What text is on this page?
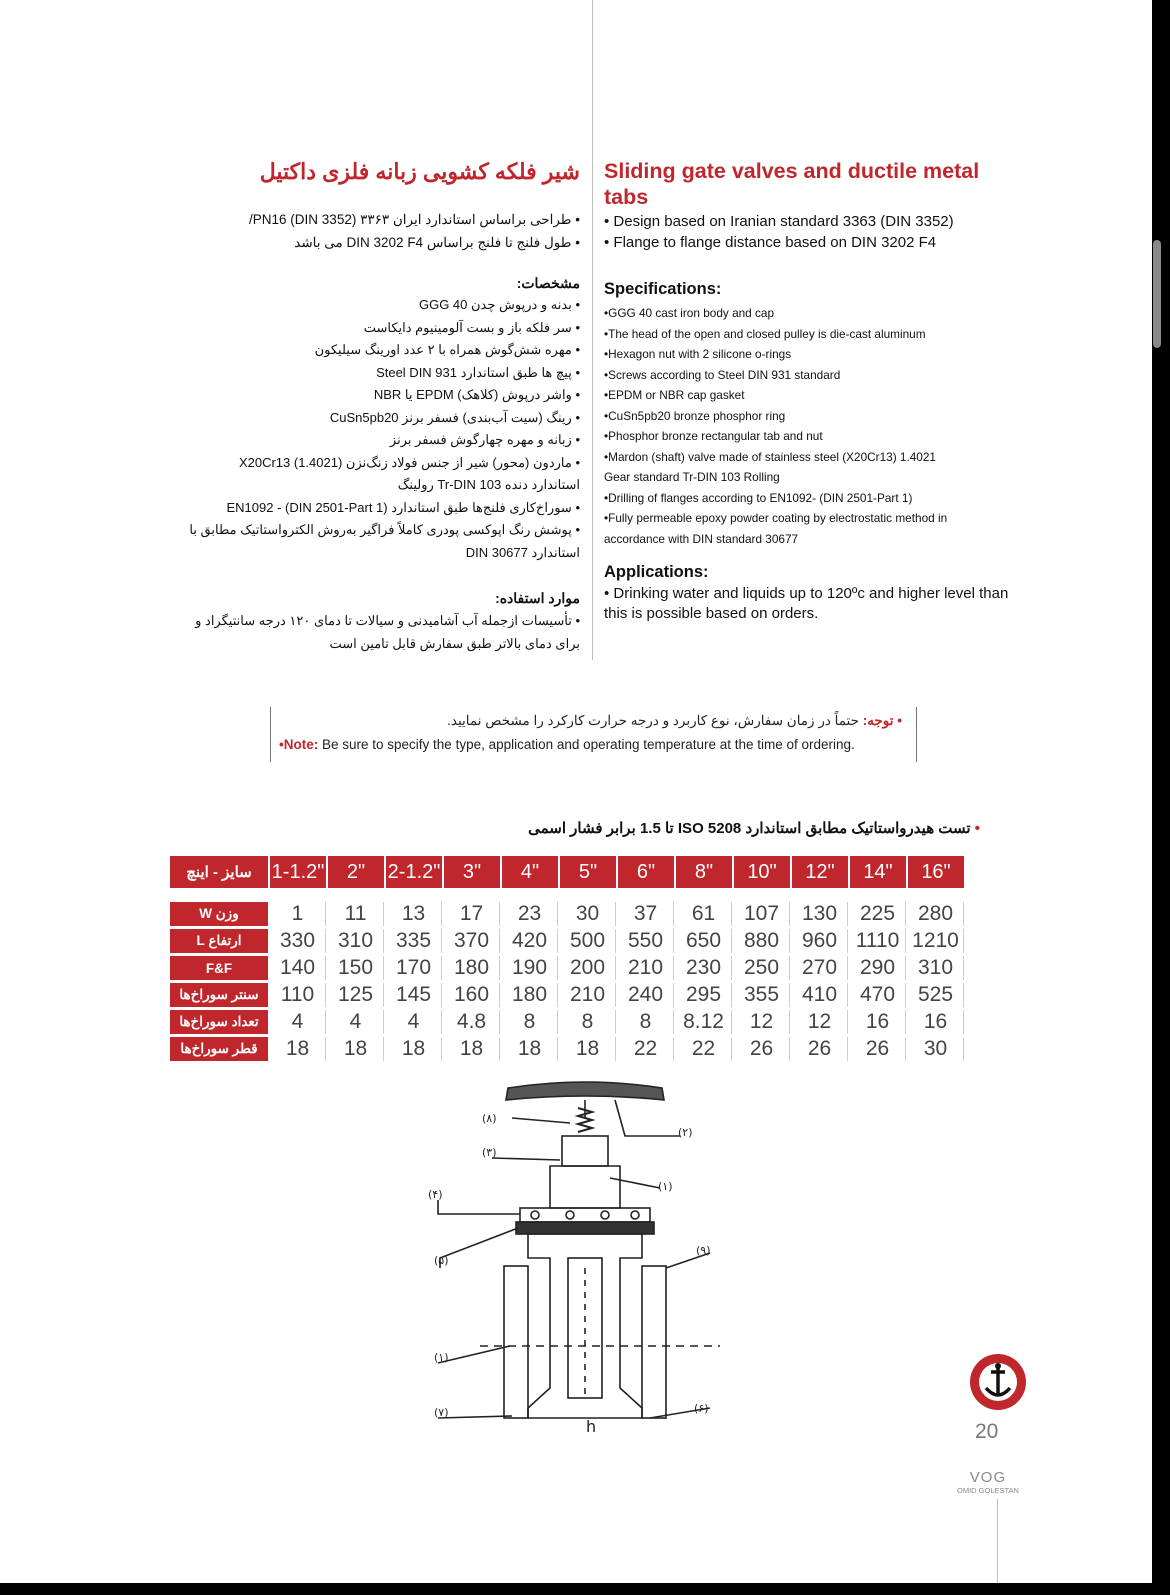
Sliding gate valves and ductile metal tabs
• Design based on Iranian standard 3363 (DIN 3352)
• Flange to flange distance based on DIN 3202 F4
Specifications:
•GGG 40 cast iron body and cap
•The head of the open and closed pulley is die-cast aluminum
•Hexagon nut with 2 silicone o-rings
•Screws according to Steel DIN 931 standard
•EPDM or NBR cap gasket
•CuSn5pb20 bronze phosphor ring
•Phosphor bronze rectangular tab and nut
•Mardon (shaft) valve made of stainless steel (X20Cr13) 1.4021
Gear standard Tr-DIN 103 Rolling
•Drilling of flanges according to EN1092- (DIN 2501-Part 1)
•Fully permeable epoxy powder coating by electrostatic method in
accordance with DIN standard 30677
Applications:

• Drinking water and liquids up to 120ºc and higher level than this is possible based on orders.

شیر فلکه کشویی زبانه فلزی داکتیل
• طراحی براساس استاندارد ایران ۳۳۶۳ (DIN 3352) PN16/
• طول فلنج تا فلنج براساس DIN 3202 F4 می باشد
مشخصات:
• بدنه و درپوش چدن GGG 40
• سر فلکه باز و بست آلومینیوم دایکاست
• مهره شش‌گوش همراه با ۲ عدد اورینگ سیلیکون
• پیچ ها طبق استاندارد Steel DIN 931
• واشر درپوش (کلاهک) EPDM یا NBR
• رینگ (سیت آب‌بندی) فسفر برنز CuSn5pb20
• زبانه و مهره چهارگوش فسفر برنز
• ماردون (محور) شیر از جنس فولاد زنگ‌نزن (1.4021) X20Cr13
استاندارد دنده Tr-DIN 103 رولینگ
• سوراخ‌کاری فلنج‌ها طبق استاندارد (DIN 2501-Part 1) - EN1092
• پوشش رنگ اپوکسی پودری کاملاً فراگیر به‌روش الکترواستاتیک مطابق با
استاندارد DIN 30677
موارد استفاده:

• تأسیسات ازجمله آب آشامیدنی و سیالات تا دمای ۱۲۰ درجه سانتیگراد و
برای دمای بالاتر طبق سفارش قابل تامین است

• توجه: حتماً در زمان سفارش، نوع کاربرد و درجه حرارت کارکرد را مشخص نمایید.
•Note: Be sure to specify the type, application and operating temperature at the time of ordering.
• تست هیدرواستاتیک مطابق استاندارد ISO 5208 تا 1.5 برابر فشار اسمی
سایز - اینچ	1-1.2"	2"	2-1.2"	3"	4"	5"	6"	8"	10"	12"	14"	16"

وزن W	1	11	13	17	23	30	37	61	107	130	225	280
ارتفاع L	330	310	335	370	420	500	550	650	880	960	1110	1210
F&F	140	150	170	180	190	200	210	230	250	270	290	310
سنتر سوراخ‌ها	110	125	145	160	180	210	240	295	355	410	470	525
تعداد سوراخ‌ها	4	4	4	4.8	8	8	8	8.12	12	12	16	16
قطر سوراخ‌ها	18	18	18	18	18	18	22	22	26	26	26	30
(۸)
(۳)
(۲)
(۱)
(۴)
(۵)
(۹)
(۱)
(۷)	(۶)
h	20
VOG
OMID GOLESTAN
